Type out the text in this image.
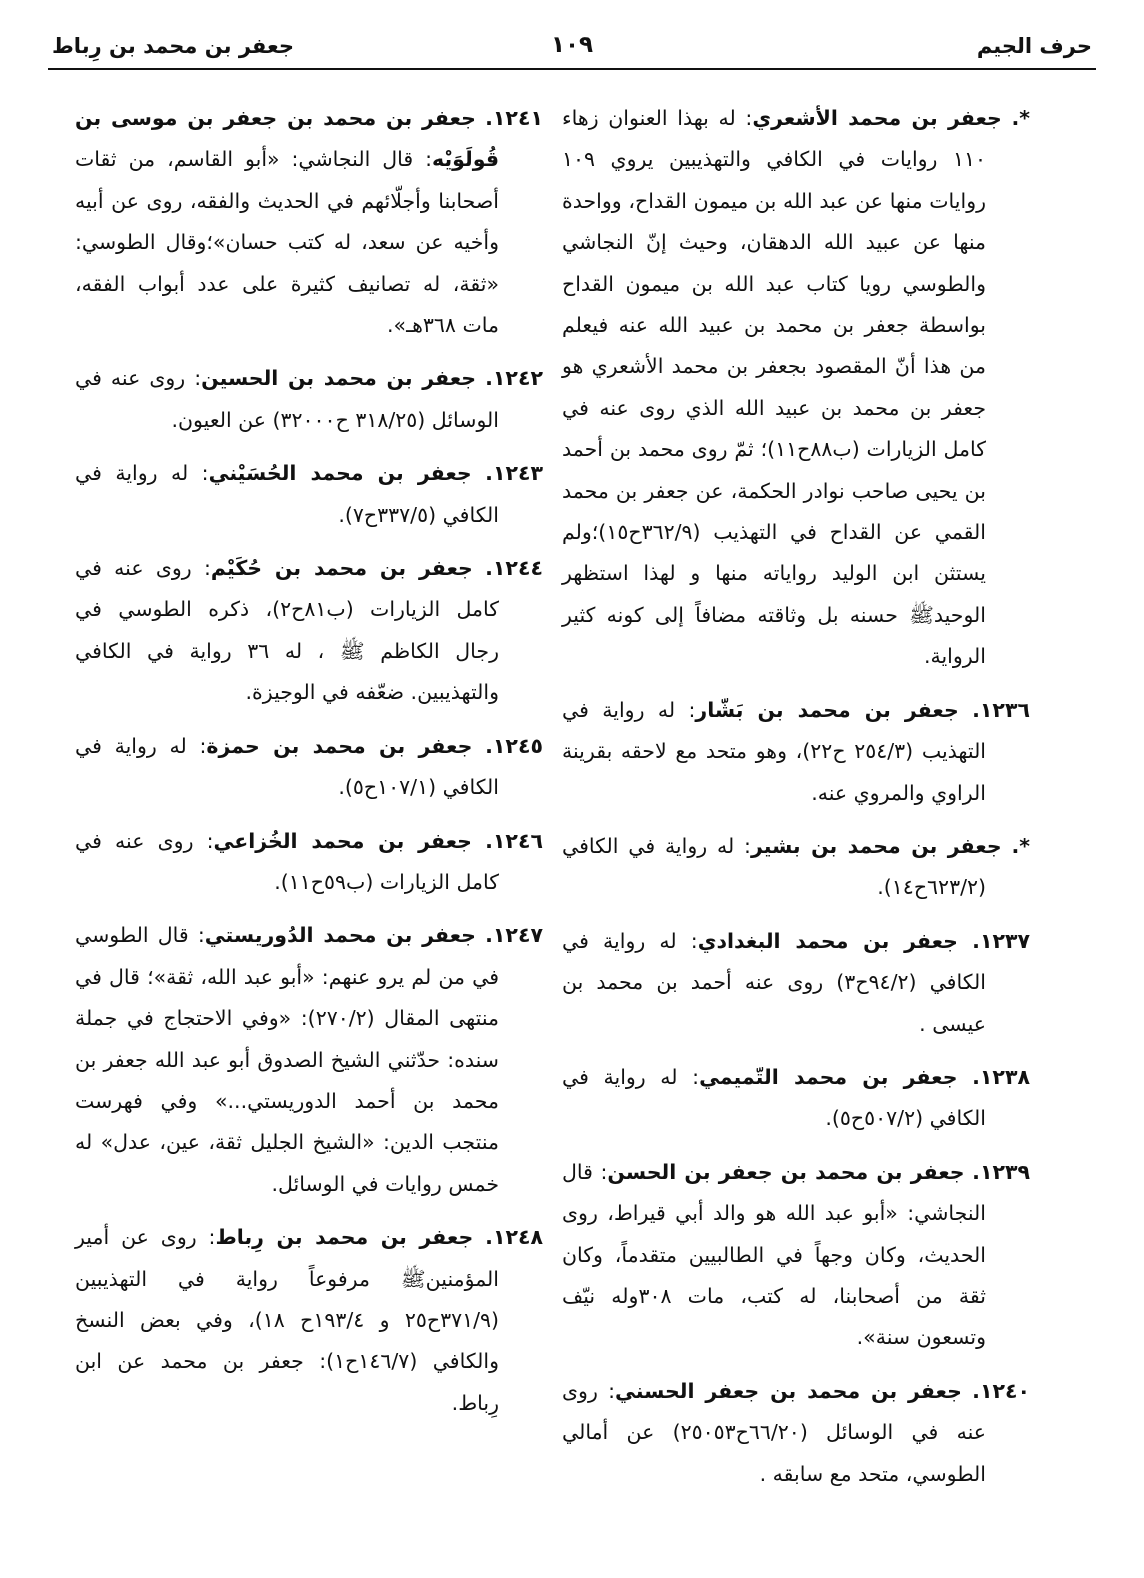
حرف الجيم
١٠٩
جعفر بن محمد بن رِباط

*. جعفر بن محمد الأشعري: له بهذا العنوان زهاء ١١٠ روايات في الكافي والتهذيبين يروي ١٠٩ روايات منها عن عبد الله بن ميمون القداح، وواحدة منها عن عبيد الله الدهقان، وحيث إنّ النجاشي والطوسي رويا كتاب عبد الله بن ميمون القداح بواسطة جعفر بن محمد بن عبيد الله عنه فيعلم من هذا أنّ المقصود بجعفر بن محمد الأشعري هو جعفر بن محمد بن عبيد الله الذي روى عنه في كامل الزيارات (ب٨٨ح١١)؛ ثمّ روى محمد بن أحمد بن يحيى صاحب نوادر الحكمة، عن جعفر بن محمد القمي عن القداح في التهذيب (٣٦٢/٩ح١٥)؛ولم يستثن ابن الوليد رواياته منها و لهذا استظهر الوحيدﷺ حسنه بل وثاقته مضافاً إلى كونه كثير الرواية.

١٢٣٦. جعفر بن محمد بن بَشّار: له رواية في التهذيب (٢٥٤/٣ ح٢٢)، وهو متحد مع لاحقه بقرينة الراوي والمروي عنه.

*. جعفر بن محمد بن بشير: له رواية في الكافي (٦٢٣/٢ح١٤).

١٢٣٧. جعفر بن محمد البغدادي: له رواية في الكافي (٩٤/٢ح٣) روى عنه أحمد بن محمد بن عيسى .

١٢٣٨. جعفر بن محمد التّميمي: له رواية في الكافي (٥٠٧/٢ح٥).

١٢٣٩. جعفر بن محمد بن جعفر بن الحسن: قال النجاشي: «أبو عبد الله هو والد أبي قيراط، روى الحديث، وكان وجهاً في الطالبيين متقدماً، وكان ثقة من أصحابنا، له كتب، مات ٣٠٨وله نيّف وتسعون سنة».

١٢٤٠. جعفر بن محمد بن جعفر الحسني: روى عنه في الوسائل (٦٦/٢٠ح٢٥٠٥٣) عن أمالي الطوسي، متحد مع سابقه .

١٢٤١. جعفر بن محمد بن جعفر بن موسى بن قُولَوَيْه: قال النجاشي: «أبو القاسم، من ثقات أصحابنا وأجلّائهم في الحديث والفقه، روى عن أبيه وأخيه عن سعد، له كتب حسان»؛وقال الطوسي: «ثقة، له تصانيف كثيرة على عدد أبواب الفقه، مات ٣٦٨هـ».

١٢٤٢. جعفر بن محمد بن الحسين: روى عنه في الوسائل (٣١٨/٢٥ ح٣٢٠٠٠) عن العيون.

١٢٤٣. جعفر بن محمد الحُسَيْني: له رواية في الكافي (٣٣٧/٥ح٧).

١٢٤٤. جعفر بن محمد بن حُكَيْم: روى عنه في كامل الزيارات (ب٨١ح٢)، ذكره الطوسي في رجال الكاظم ﷺ ، له ٣٦ رواية في الكافي والتهذيبين. ضعّفه في الوجيزة.

١٢٤٥. جعفر بن محمد بن حمزة: له رواية في الكافي (١٠٧/١ح٥).

١٢٤٦. جعفر بن محمد الخُزاعي: روى عنه في كامل الزيارات (ب٥٩ح١١).

١٢٤٧. جعفر بن محمد الدُوريستي: قال الطوسي في من لم يرو عنهم: «أبو عبد الله، ثقة»؛ قال في منتهى المقال (٢٧٠/٢): «وفي الاحتجاج في جملة سنده: حدّثني الشيخ الصدوق أبو عبد الله جعفر بن محمد بن أحمد الدوريستي...» وفي فهرست منتجب الدين: «الشيخ الجليل ثقة، عين، عدل» له خمس روايات في الوسائل.

١٢٤٨. جعفر بن محمد بن رِباط: روى عن أمير المؤمنينﷺ مرفوعاً رواية في التهذيبين (٣٧١/٩ح٢٥ و ١٩٣/٤ح ١٨)، وفي بعض النسخ والكافي (١٤٦/٧ح١): جعفر بن محمد عن ابن رِباط.
